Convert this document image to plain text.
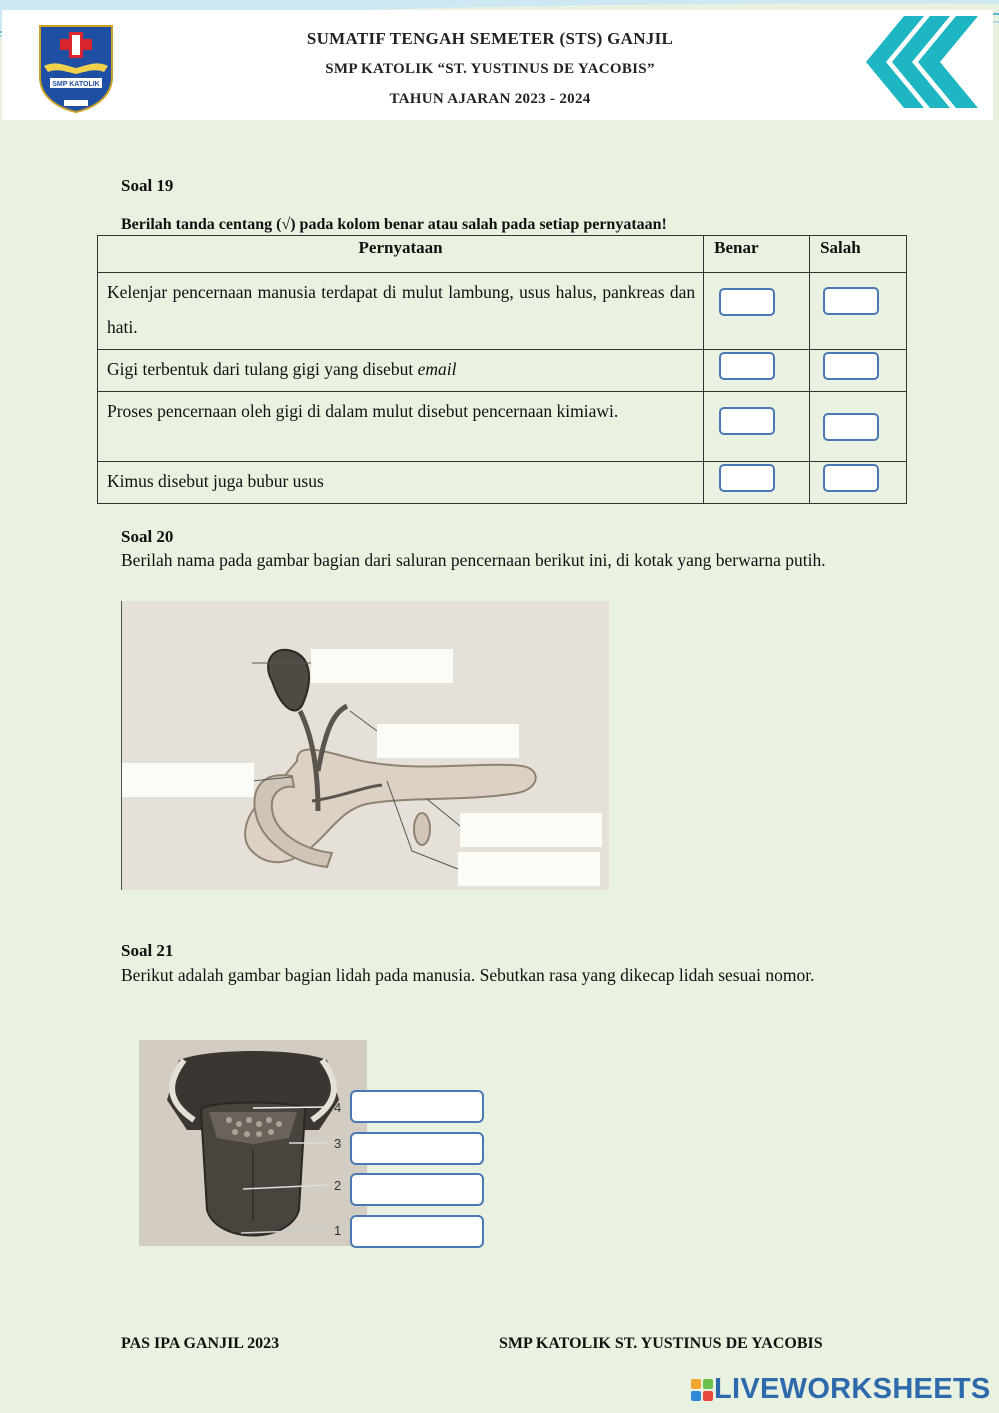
SMP KATOLIK
SUMATIF TENGAH SEMETER (STS) GANJIL
SMP KATOLIK “ST. YUSTINUS DE YACOBIS”
TAHUN AJARAN 2023 - 2024
Soal 19
Berilah tanda centang (√) pada kolom benar atau salah pada setiap pernyataan!
Pernyataan	Benar	Salah
Kelenjar pencernaan manusia terdapat di mulut lambung, usus halus, pankreas dan hati.	

Gigi terbentuk dari tulang gigi yang disebut email	

Proses pencernaan oleh gigi di dalam mulut disebut pencernaan kimiawi.	

Kimus disebut juga bubur usus	

Soal 20
Berilah nama pada gambar bagian dari saluran pencernaan berikut ini, di kotak yang berwarna putih.
Soal 21
Berikut adalah gambar bagian lidah pada manusia. Sebutkan rasa yang dikecap lidah sesuai nomor.
4
3
2
1
PAS IPA GANJIL 2023	SMP KATOLIK ST. YUSTINUS DE YACOBIS
LIVEWORKSHEETS
